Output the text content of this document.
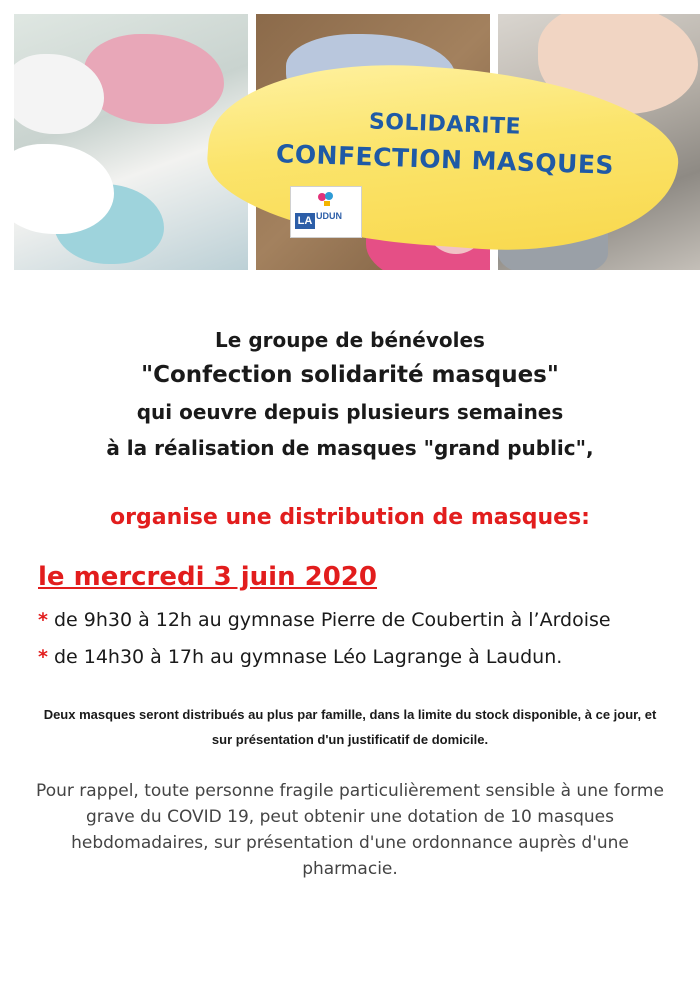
SOLIDARITE
CONFECTION MASQUES
LA UDUN
Le groupe de bénévoles
"Confection solidarité masques"
qui oeuvre depuis plusieurs semaines
à la réalisation de masques "grand public",
organise une distribution de masques:
le mercredi 3 juin 2020
* de 9h30 à 12h au gymnase Pierre de Coubertin à l’Ardoise
* de 14h30 à 17h au gymnase Léo Lagrange à Laudun.
Deux masques seront distribués au plus par famille, dans la limite du stock disponible, à ce jour, et sur présentation d'un justificatif de domicile.
Pour rappel, toute personne fragile particulièrement sensible à une forme grave du COVID 19, peut obtenir une dotation de 10 masques hebdomadaires, sur présentation d'une ordonnance auprès d'une pharmacie.
